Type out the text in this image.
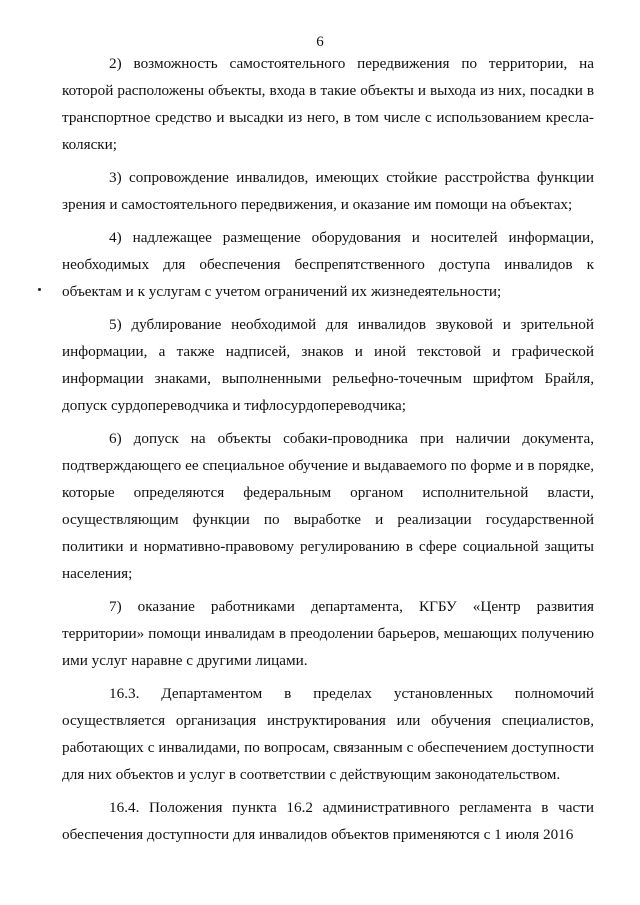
6

2) возможность самостоятельного передвижения по территории, на которой расположены объекты, входа в такие объекты и выхода из них, посадки в транспортное средство и высадки из него, в том числе с использованием кресла-коляски;

3) сопровождение инвалидов, имеющих стойкие расстройства функции зрения и самостоятельного передвижения, и оказание им помощи на объектах;

4) надлежащее размещение оборудования и носителей информации, необходимых для обеспечения беспрепятственного доступа инвалидов к объектам и к услугам с учетом ограничений их жизнедеятельности;

5) дублирование необходимой для инвалидов звуковой и зрительной информации, а также надписей, знаков и иной текстовой и графической информации знаками, выполненными рельефно-точечным шрифтом Брайля, допуск сурдопереводчика и тифлосурдопереводчика;

6) допуск на объекты собаки-проводника при наличии документа, подтверждающего ее специальное обучение и выдаваемого по форме и в порядке, которые определяются федеральным органом исполнительной власти, осуществляющим функции по выработке и реализации государственной политики и нормативно-правовому регулированию в сфере социальной защиты населения;

7) оказание работниками департамента, КГБУ «Центр развития территории» помощи инвалидам в преодолении барьеров, мешающих получению ими услуг наравне с другими лицами.

16.3. Департаментом в пределах установленных полномочий осуществляется организация инструктирования или обучения специалистов, работающих с инвалидами, по вопросам, связанным с обеспечением доступности для них объектов и услуг в соответствии с действующим законодательством.

16.4. Положения пункта 16.2 административного регламента в части обеспечения доступности для инвалидов объектов применяются с 1 июля 2016
